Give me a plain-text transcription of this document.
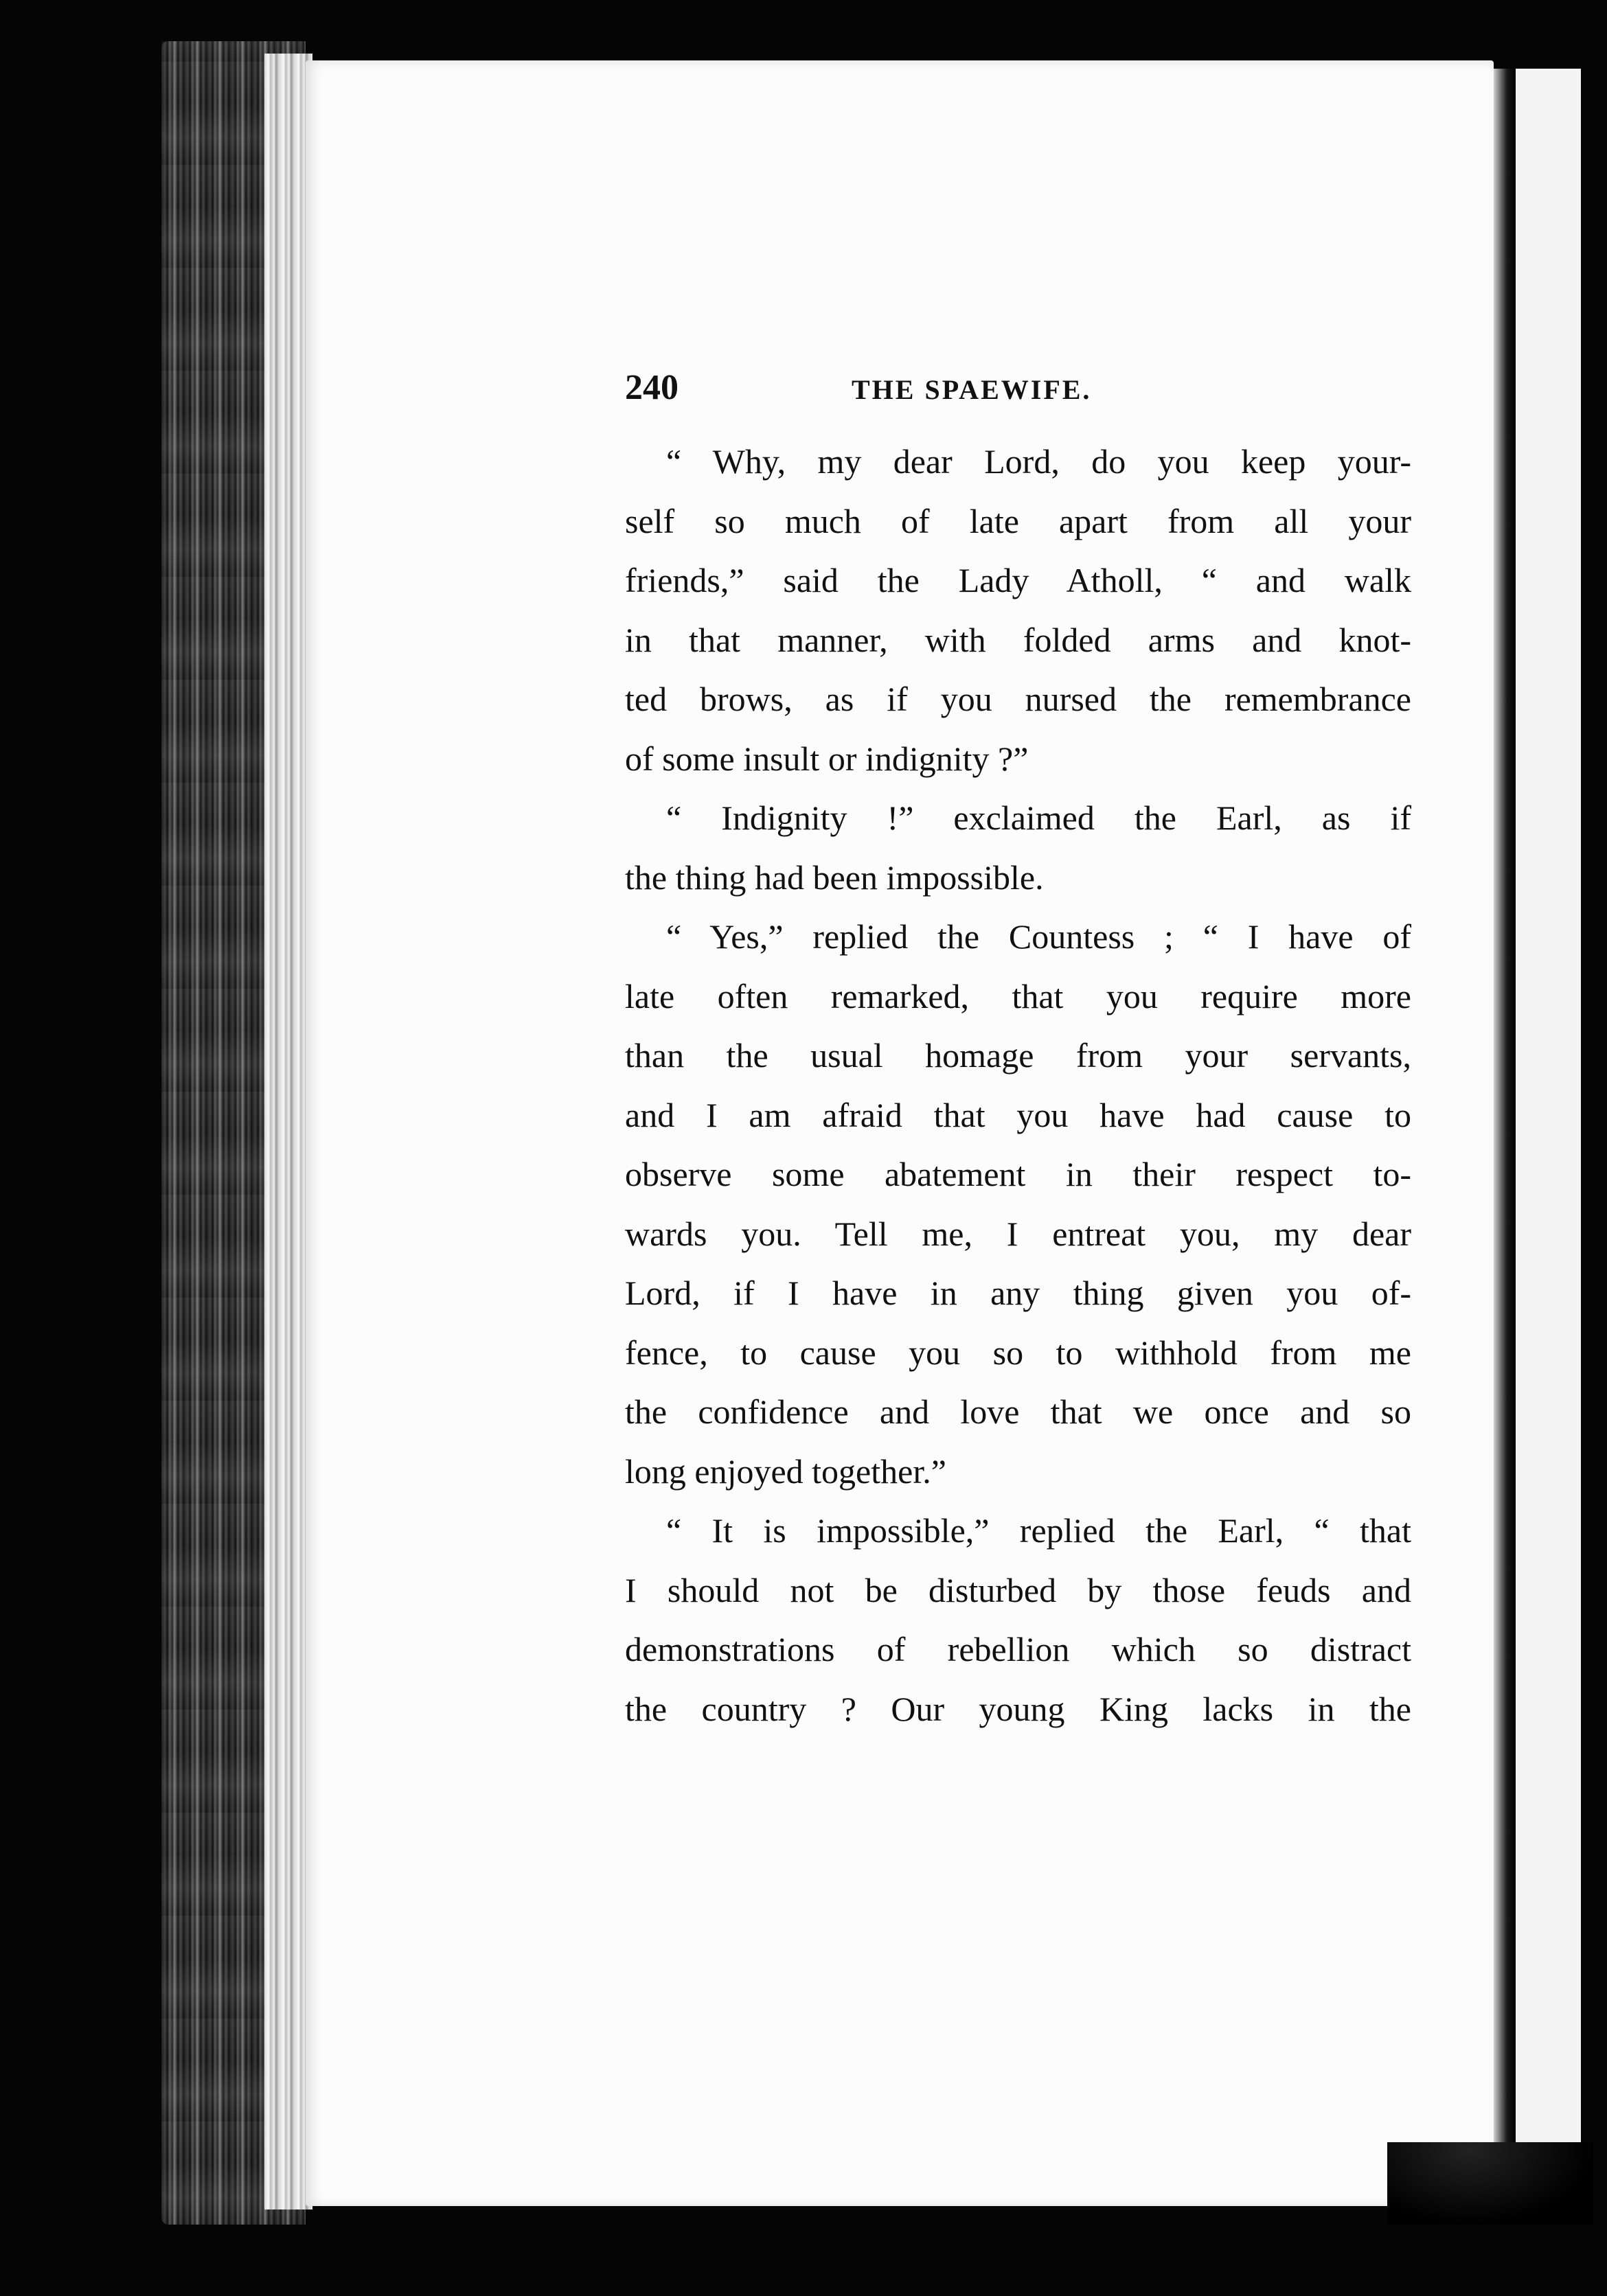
240	THE SPAEWIFE.
“ Why, my dear Lord, do you keep your-
self so much of late apart from all your
friends,” said the Lady Atholl, “ and walk
in that manner, with folded arms and knot-
ted brows, as if you nursed the remembrance
of some insult or indignity ?”
“ Indignity !” exclaimed the Earl, as if
the thing had been impossible.
“ Yes,” replied the Countess ; “ I have of
late often remarked, that you require more
than the usual homage from your servants,
and I am afraid that you have had cause to
observe some abatement in their respect to-
wards you. Tell me, I entreat you, my dear
Lord, if I have in any thing given you of-
fence, to cause you so to withhold from me
the confidence and love that we once and so
long enjoyed together.”
“ It is impossible,” replied the Earl, “ that
I should not be disturbed by those feuds and
demonstrations of rebellion which so distract
the country ? Our young King lacks in the
